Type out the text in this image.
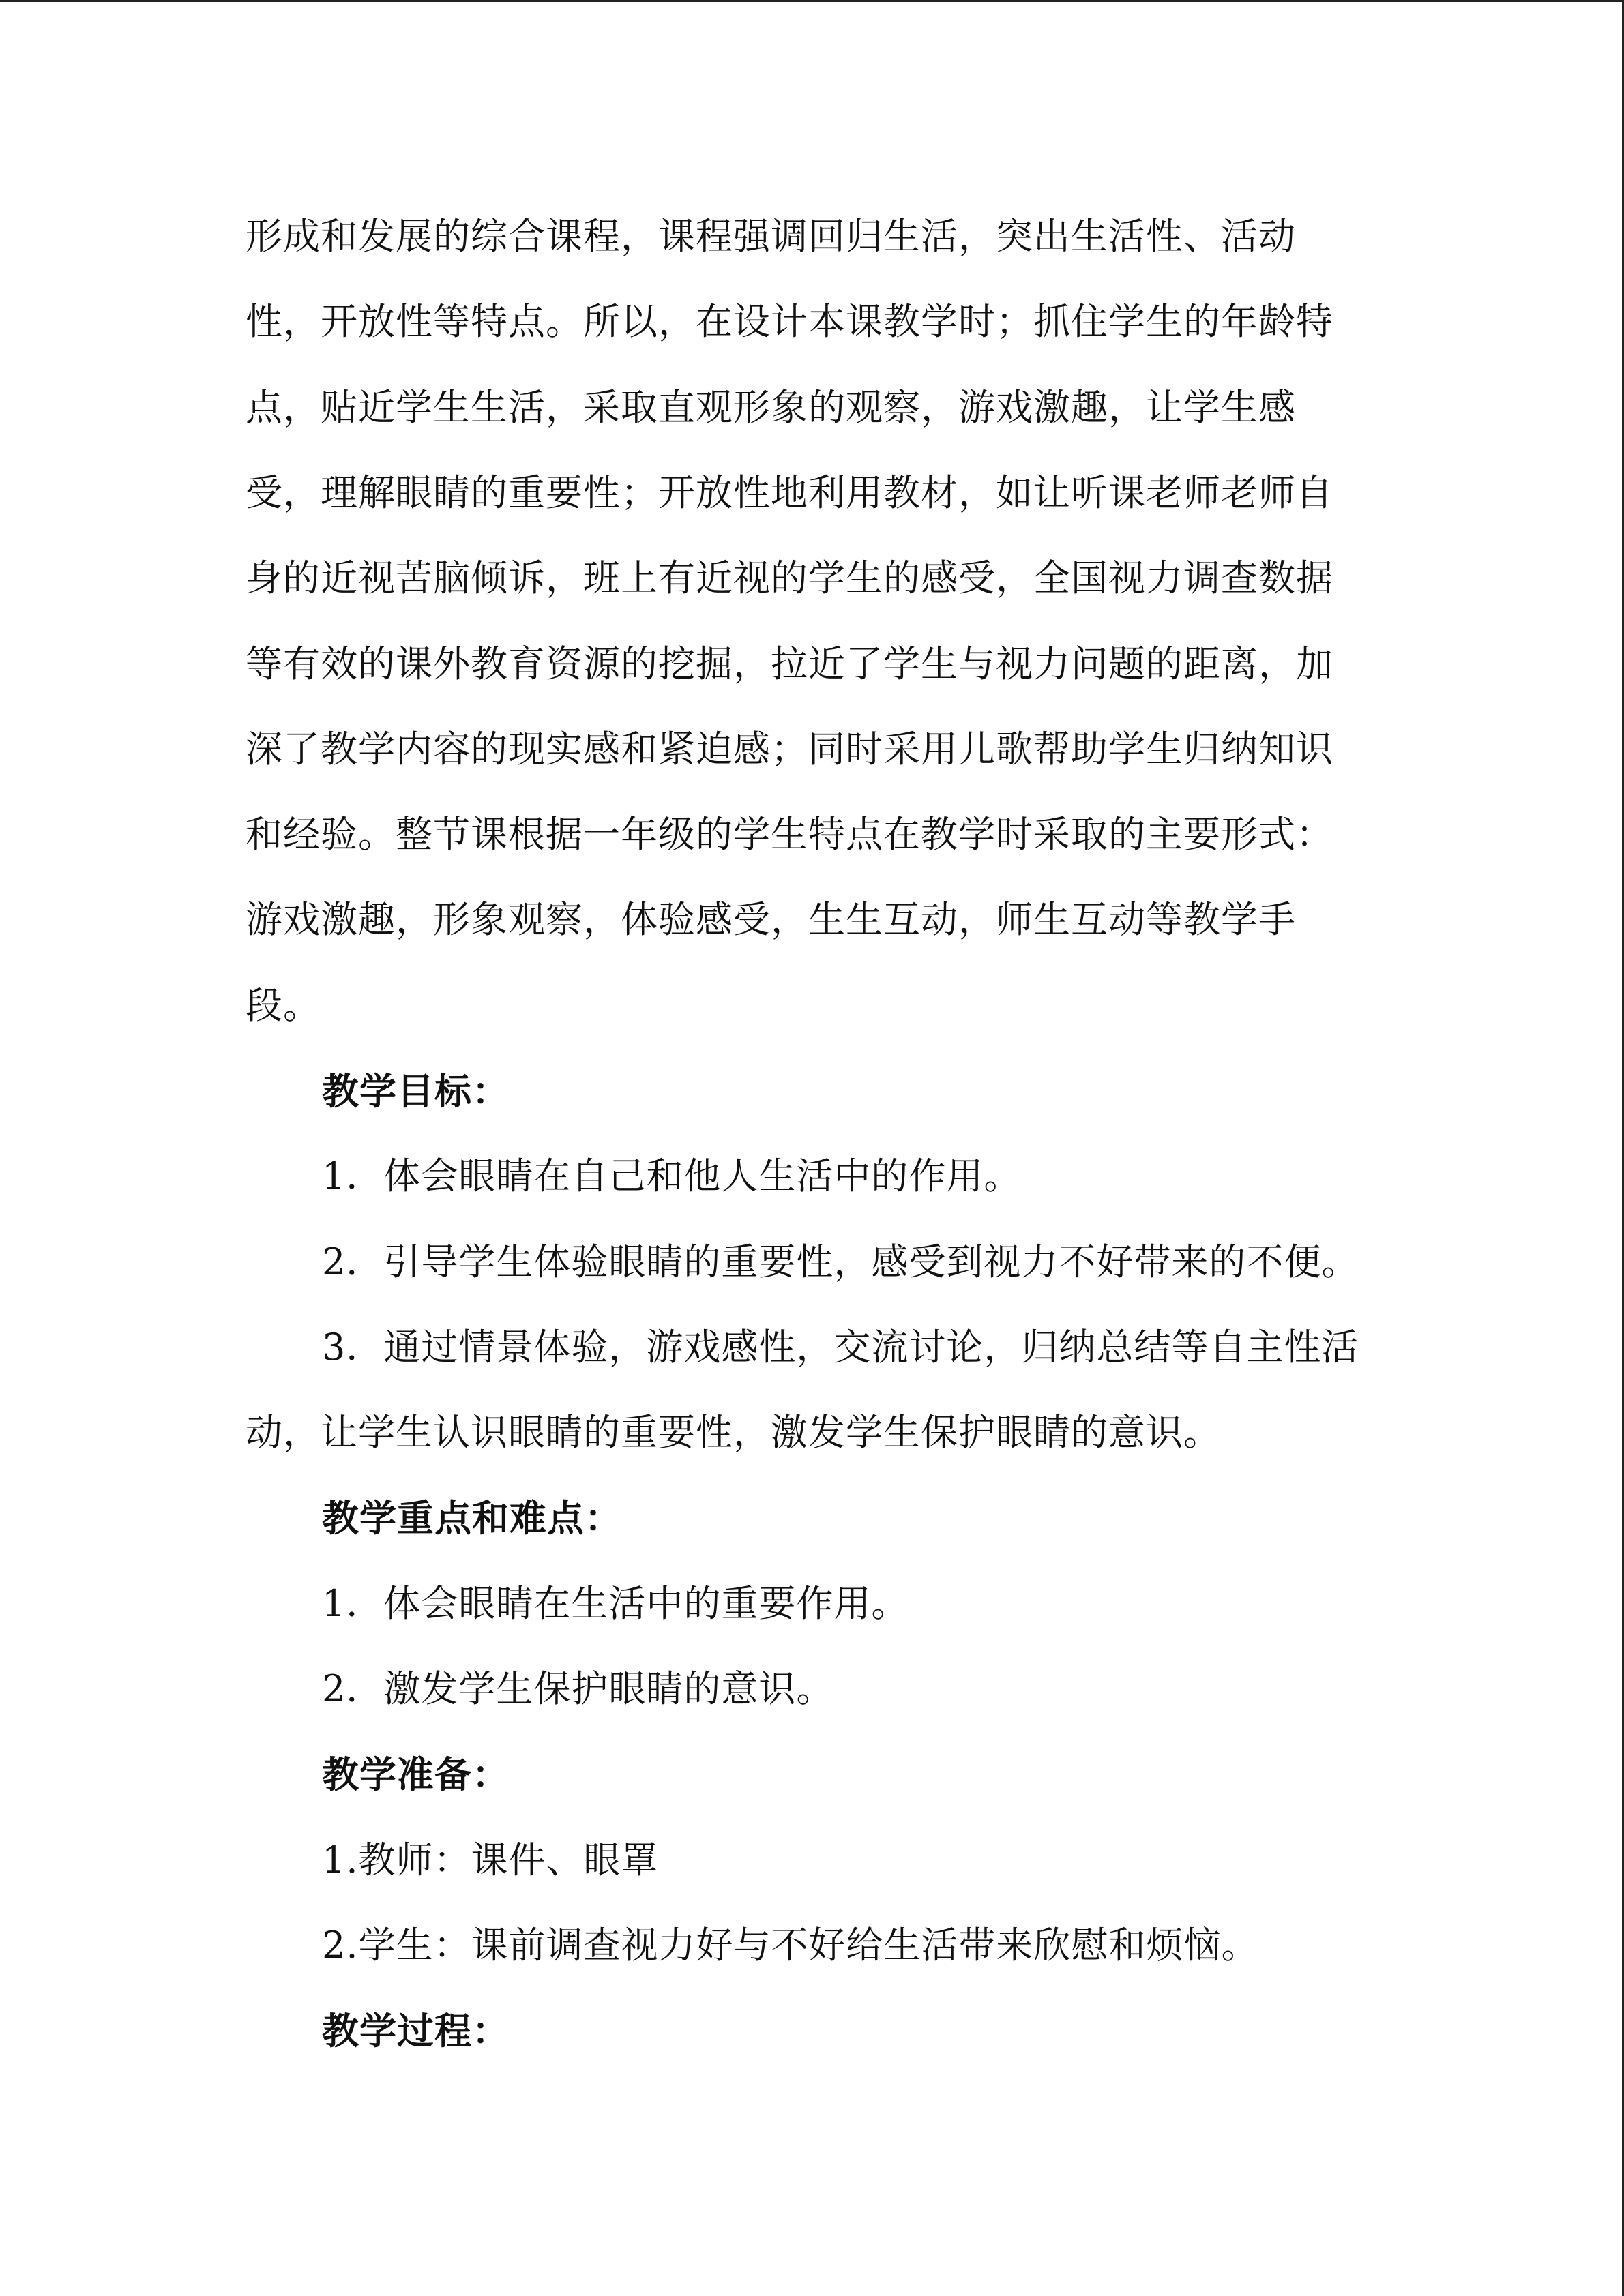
形成和发展的综合课程，课程强调回归生活，突出生活性、活动
性，开放性等特点。所以，在设计本课教学时；抓住学生的年龄特
点，贴近学生生活，采取直观形象的观察，游戏激趣，让学生感
受，理解眼睛的重要性；开放性地利用教材，如让听课老师老师自
身的近视苦脑倾诉，班上有近视的学生的感受，全国视力调查数据
等有效的课外教育资源的挖掘，拉近了学生与视力问题的距离，加
深了教学内容的现实感和紧迫感；同时采用儿歌帮助学生归纳知识
和经验。整节课根据一年级的学生特点在教学时采取的主要形式：
游戏激趣，形象观察，体验感受，生生互动，师生互动等教学手
段。
教学目标：
1．体会眼睛在自己和他人生活中的作用。
2．引导学生体验眼睛的重要性，感受到视力不好带来的不便。
3．通过情景体验，游戏感性，交流讨论，归纳总结等自主性活
动，让学生认识眼睛的重要性，激发学生保护眼睛的意识。
教学重点和难点：
1．体会眼睛在生活中的重要作用。
2．激发学生保护眼睛的意识。
教学准备：
1.教师：课件、眼罩
2.学生：课前调查视力好与不好给生活带来欣慰和烦恼。
教学过程：
